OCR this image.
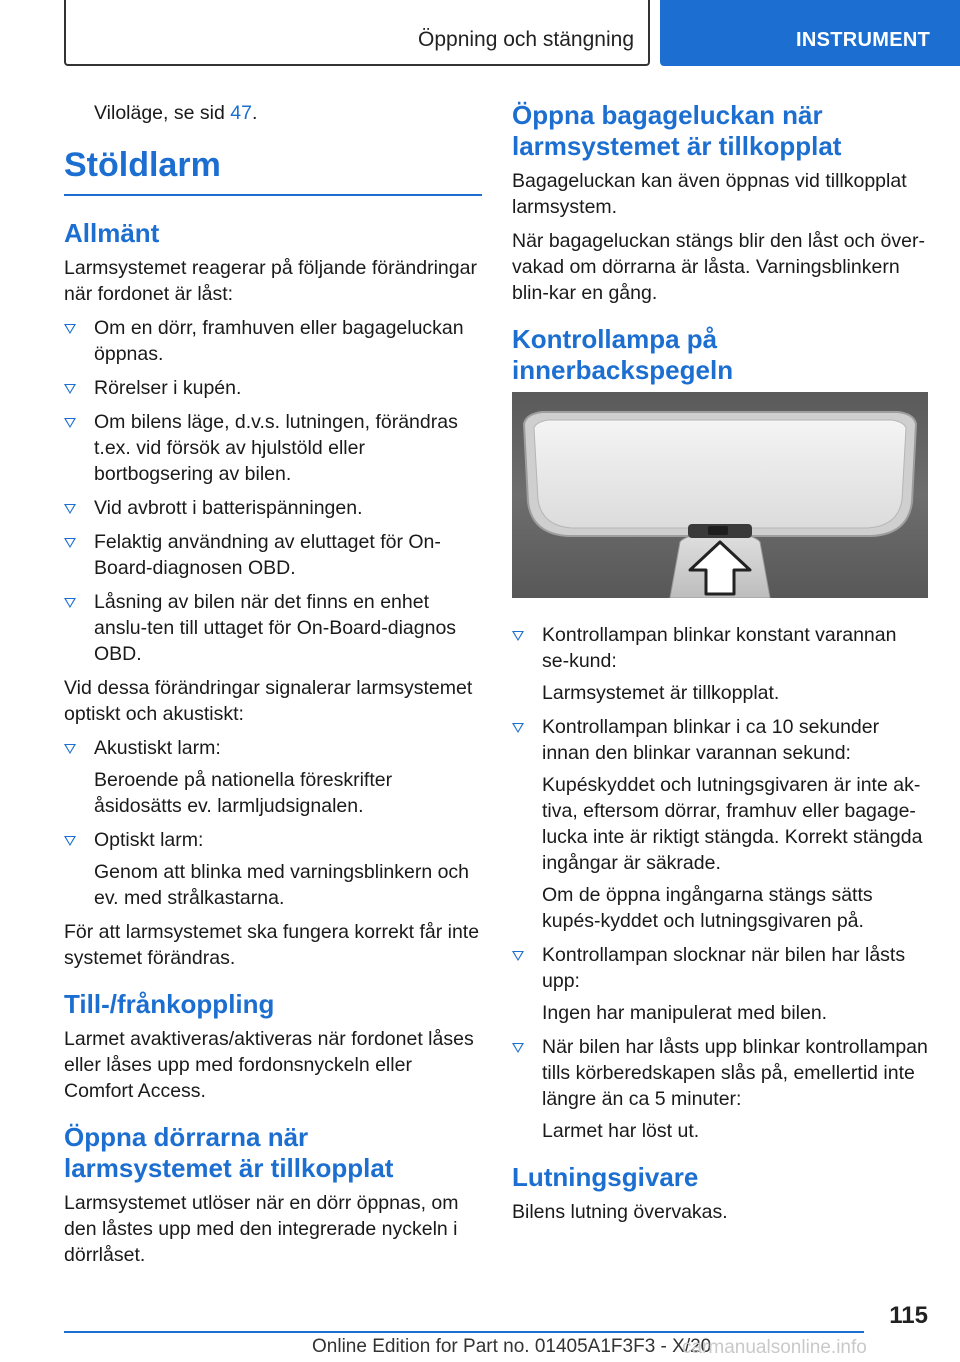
Öppning och stängning	INSTRUMENT

Viloläge, se sid 47.

Stöldlarm
Allmänt

Larmsystemet reagerar på följande förändringar när fordonet är låst:

Om en dörr, framhuven eller bagageluckan öppnas.
Rörelser i kupén.
Om bilens läge, d.v.s. lutningen, förändras t.ex. vid försök av hjulstöld eller bortbogsering av bilen.
Vid avbrott i batterispänningen.
Felaktig användning av eluttaget för On-Board-diagnosen OBD.
Låsning av bilen när det finns en enhet anslu-ten till uttaget för On-Board-diagnos OBD.

Vid dessa förändringar signalerar larmsystemet optiskt och akustiskt:

Akustiskt larm:
Beroende på nationella föreskrifter åsidosätts ev. larmljudsignalen.
Optiskt larm:
Genom att blinka med varningsblinkern och ev. med strålkastarna.

För att larmsystemet ska fungera korrekt får inte systemet förändras.

Till-/frånkoppling

Larmet avaktiveras/aktiveras när fordonet låses eller låses upp med fordonsnyckeln eller Comfort Access.

Öppna dörrarna när larmsystemet är tillkopplat

Larmsystemet utlöser när en dörr öppnas, om den låstes upp med den integrerade nyckeln i dörrlåset.

Öppna bagageluckan när larmsystemet är tillkopplat

Bagageluckan kan även öppnas vid tillkopplat larmsystem.

När bagageluckan stängs blir den låst och över-vakad om dörrarna är låsta. Varningsblinkern blin-kar en gång.

Kontrollampa på innerbackspegeln
Kontrollampan blinkar konstant varannan se-kund:
Larmsystemet är tillkopplat.
Kontrollampan blinkar i ca 10 sekunder innan den blinkar varannan sekund:
Kupéskyddet och lutningsgivaren är inte ak-tiva, eftersom dörrar, framhuv eller bagage-lucka inte är riktigt stängda. Korrekt stängda ingångar är säkrade.
Om de öppna ingångarna stängs sätts kupés-kyddet och lutningsgivaren på.
Kontrollampan slocknar när bilen har låsts upp:
Ingen har manipulerat med bilen.
När bilen har låsts upp blinkar kontrollampan tills körberedskapen slås på, emellertid inte längre än ca 5 minuter:
Larmet har löst ut.
Lutningsgivare

Bilens lutning övervakas.

115
Online Edition for Part no. 01405A1F3F3 - X/20
carmanualsonline.info
